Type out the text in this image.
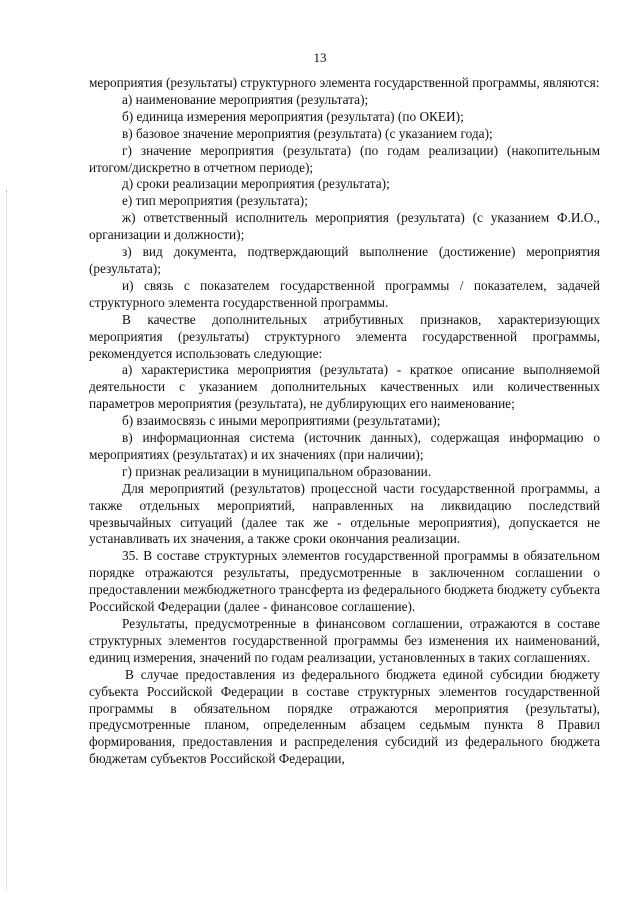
13

мероприятия (результаты) структурного элемента государственной программы, являются:

а) наименование мероприятия (результата);

б) единица измерения мероприятия (результата) (по ОКЕИ);

в) базовое значение мероприятия (результата) (с указанием года);

г) значение мероприятия (результата) (по годам реализации) (накопительным итогом/дискретно в отчетном периоде);

д) сроки реализации мероприятия (результата);

е) тип мероприятия (результата);

ж) ответственный исполнитель мероприятия (результата) (с указанием Ф.И.О., организации и должности);

з) вид документа, подтверждающий выполнение (достижение) мероприятия (результата);

и) связь с показателем государственной программы / показателем, задачей структурного элемента государственной программы.

В качестве дополнительных атрибутивных признаков, характеризующих мероприятия (результаты) структурного элемента государственной программы, рекомендуется использовать следующие:

а) характеристика мероприятия (результата) - краткое описание выполняемой деятельности с указанием дополнительных качественных или количественных параметров мероприятия (результата), не дублирующих его наименование;

б) взаимосвязь с иными мероприятиями (результатами);

в) информационная система (источник данных), содержащая информацию о мероприятиях (результатах) и их значениях (при наличии);

г) признак реализации в муниципальном образовании.

Для мероприятий (результатов) процессной части государственной программы, а также отдельных мероприятий, направленных на ликвидацию последствий чрезвычайных ситуаций (далее так же - отдельные мероприятия), допускается не устанавливать их значения, а также сроки окончания реализации.

35. В составе структурных элементов государственной программы в обязательном порядке отражаются результаты, предусмотренные в заключенном соглашении о предоставлении межбюджетного трансферта из федерального бюджета бюджету субъекта Российской Федерации (далее - финансовое соглашение).

Результаты, предусмотренные в финансовом соглашении, отражаются в составе структурных элементов государственной программы без изменения их наименований, единиц измерения, значений по годам реализации, установленных в таких соглашениях.

В случае предоставления из федерального бюджета единой субсидии бюджету субъекта Российской Федерации в составе структурных элементов государственной программы в обязательном порядке отражаются мероприятия (результаты), предусмотренные планом, определенным абзацем седьмым пункта 8 Правил формирования, предоставления и распределения субсидий из федерального бюджета бюджетам субъектов Российской Федерации,
